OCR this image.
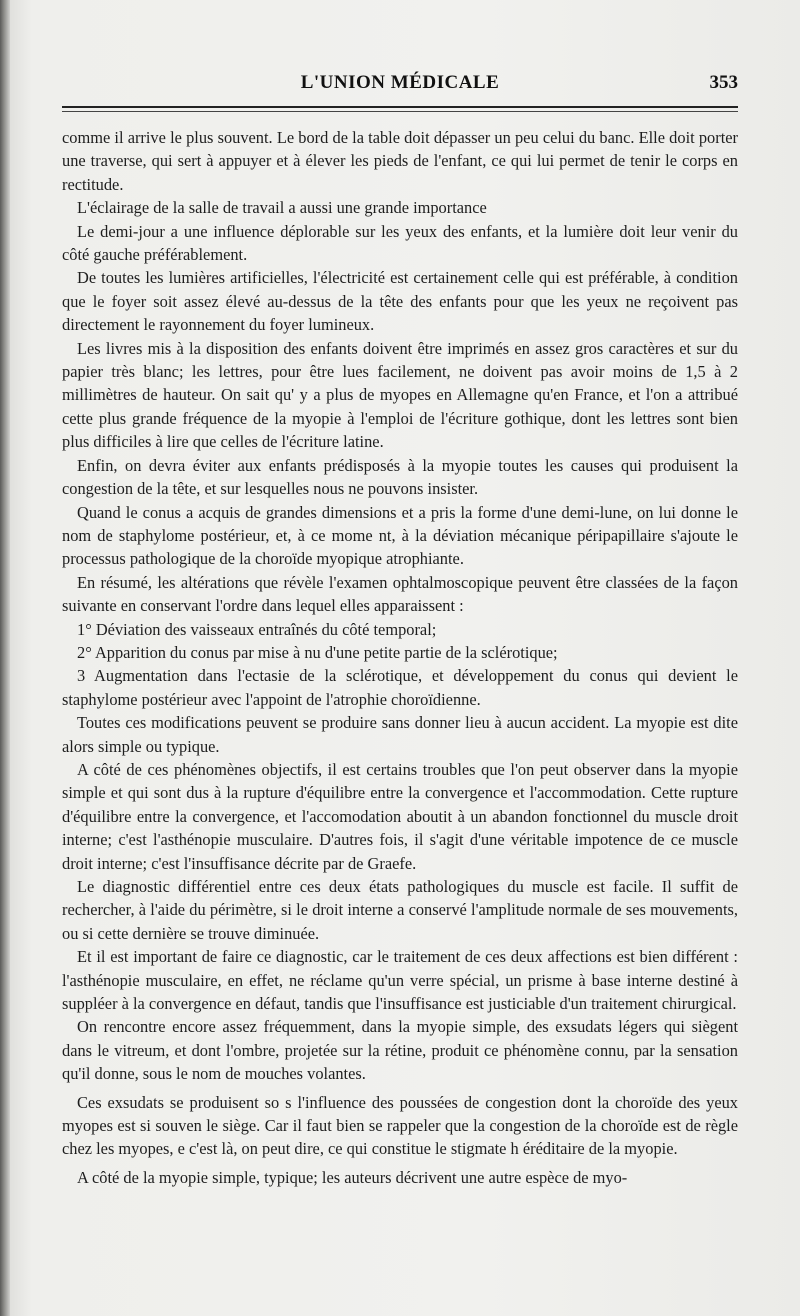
L'UNION MÉDICALE	353

comme il arrive le plus souvent. Le bord de la table doit dépasser un peu celui du banc. Elle doit porter une traverse, qui sert à appuyer et à élever les pieds de l'enfant, ce qui lui permet de tenir le corps en rectitude.

L'éclairage de la salle de travail a aussi une grande importance

Le demi-jour a une influence déplorable sur les yeux des enfants, et la lumière doit leur venir du côté gauche préférablement.

De toutes les lumières artificielles, l'électricité est certainement celle qui est préférable, à condition que le foyer soit assez élevé au-dessus de la tête des enfants pour que les yeux ne reçoivent pas directement le rayonnement du foyer lumineux.

Les livres mis à la disposition des enfants doivent être imprimés en assez gros caractères et sur du papier très blanc; les lettres, pour être lues facilement, ne doivent pas avoir moins de 1,5 à 2 millimètres de hauteur. On sait qu' y a plus de myopes en Allemagne qu'en France, et l'on a attribué cette plus grande fréquence de la myopie à l'emploi de l'écriture gothique, dont les lettres sont bien plus difficiles à lire que celles de l'écriture latine.

Enfin, on devra éviter aux enfants prédisposés à la myopie toutes les causes qui produisent la congestion de la tête, et sur lesquelles nous ne pouvons insister.

Quand le conus a acquis de grandes dimensions et a pris la forme d'une demi-lune, on lui donne le nom de staphylome postérieur, et, à ce mome nt, à la déviation mécanique péripapillaire s'ajoute le processus pathologique de la choroïde myopique atrophiante.

En résumé, les altérations que révèle l'examen ophtalmoscopique peuvent être classées de la façon suivante en conservant l'ordre dans lequel elles apparaissent :

1° Déviation des vaisseaux entraînés du côté temporal;

2° Apparition du conus par mise à nu d'une petite partie de la sclérotique;

3 Augmentation dans l'ectasie de la sclérotique, et développement du conus qui devient le staphylome postérieur avec l'appoint de l'atrophie choroïdienne.

Toutes ces modifications peuvent se produire sans donner lieu à aucun accident. La myopie est dite alors simple ou typique.

A côté de ces phénomènes objectifs, il est certains troubles que l'on peut observer dans la myopie simple et qui sont dus à la rupture d'équilibre entre la convergence et l'accommodation. Cette rupture d'équilibre entre la convergence, et l'accomodation aboutit à un abandon fonctionnel du muscle droit interne; c'est l'asthénopie musculaire. D'autres fois, il s'agit d'une véritable impotence de ce muscle droit interne; c'est l'insuffisance décrite par de Graefe.

Le diagnostic différentiel entre ces deux états pathologiques du muscle est facile. Il suffit de rechercher, à l'aide du périmètre, si le droit interne a conservé l'amplitude normale de ses mouvements, ou si cette dernière se trouve diminuée.

Et il est important de faire ce diagnostic, car le traitement de ces deux affections est bien différent : l'asthénopie musculaire, en effet, ne réclame qu'un verre spécial, un prisme à base interne destiné à suppléer à la convergence en défaut, tandis que l'insuffisance est justiciable d'un traitement chirurgical.

On rencontre encore assez fréquemment, dans la myopie simple, des exsudats légers qui siègent dans le vitreum, et dont l'ombre, projetée sur la rétine, produit ce phénomène connu, par la sensation qu'il donne, sous le nom de mouches volantes.

Ces exsudats se produisent so s l'influence des poussées de congestion dont la choroïde des yeux myopes est si souven le siège. Car il faut bien se rappeler que la congestion de la choroïde est de règle chez les myopes, e c'est là, on peut dire, ce qui constitue le stigmate h éréditaire de la myopie.

A côté de la myopie simple, typique; les auteurs décrivent une autre espèce de myo-
